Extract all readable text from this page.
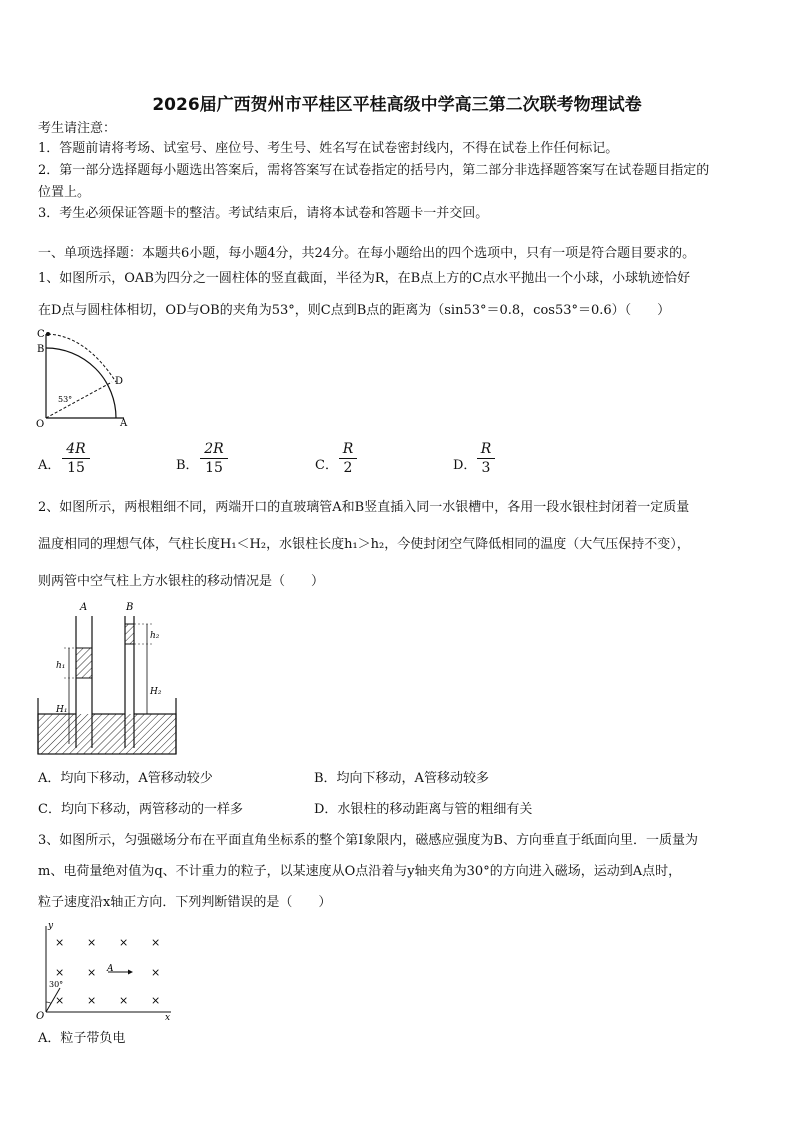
2026届广西贺州市平桂区平桂高级中学高三第二次联考物理试卷
考生请注意：
1．答题前请将考场、试室号、座位号、考生号、姓名写在试卷密封线内，不得在试卷上作任何标记。
2．第一部分选择题每小题选出答案后，需将答案写在试卷指定的括号内，第二部分非选择题答案写在试卷题目指定的
位置上。
3．考生必须保证答题卡的整洁。考试结束后，请将本试卷和答题卡一并交回。
一、单项选择题：本题共6小题，每小题4分，共24分。在每小题给出的四个选项中，只有一项是符合题目要求的。
1、如图所示，OAB为四分之一圆柱体的竖直截面，半径为R，在B点上方的C点水平抛出一个小球，小球轨迹恰好
在D点与圆柱体相切，OD与OB的夹角为53°，则C点到B点的距离为（sin53°＝0.8，cos53°＝0.6）（　　）
C
B
D
O	A
53°
A． $\frac{4R}{15}$	B． $\frac{2R}{15}$	C． $\frac{R}{2}$	D． $\frac{R}{3}$
2、如图所示，两根粗细不同，两端开口的直玻璃管A和B竖直插入同一水银槽中，各用一段水银柱封闭着一定质量
温度相同的理想气体，气柱长度H₁＜H₂，水银柱长度h₁＞h₂，今使封闭空气降低相同的温度（大气压保持不变），
则两管中空气柱上方水银柱的移动情况是（　　）
A	B
h₁
h₂
H₁
H₂
A．均向下移动，A管移动较少	B．均向下移动，A管移动较多
C．均向下移动，两管移动的一样多	D．水银柱的移动距离与管的粗细有关
3、如图所示，匀强磁场分布在平面直角坐标系的整个第Ⅰ象限内，磁感应强度为B、方向垂直于纸面向里．一质量为
m、电荷量绝对值为q、不计重力的粒子，以某速度从O点沿着与y轴夹角为30°的方向进入磁场，运动到A点时，
粒子速度沿x轴正方向．下列判断错误的是（　　）
y
x
O
A
30°
× × × ×
× ×	×
× × × ×
A．粒子带负电
